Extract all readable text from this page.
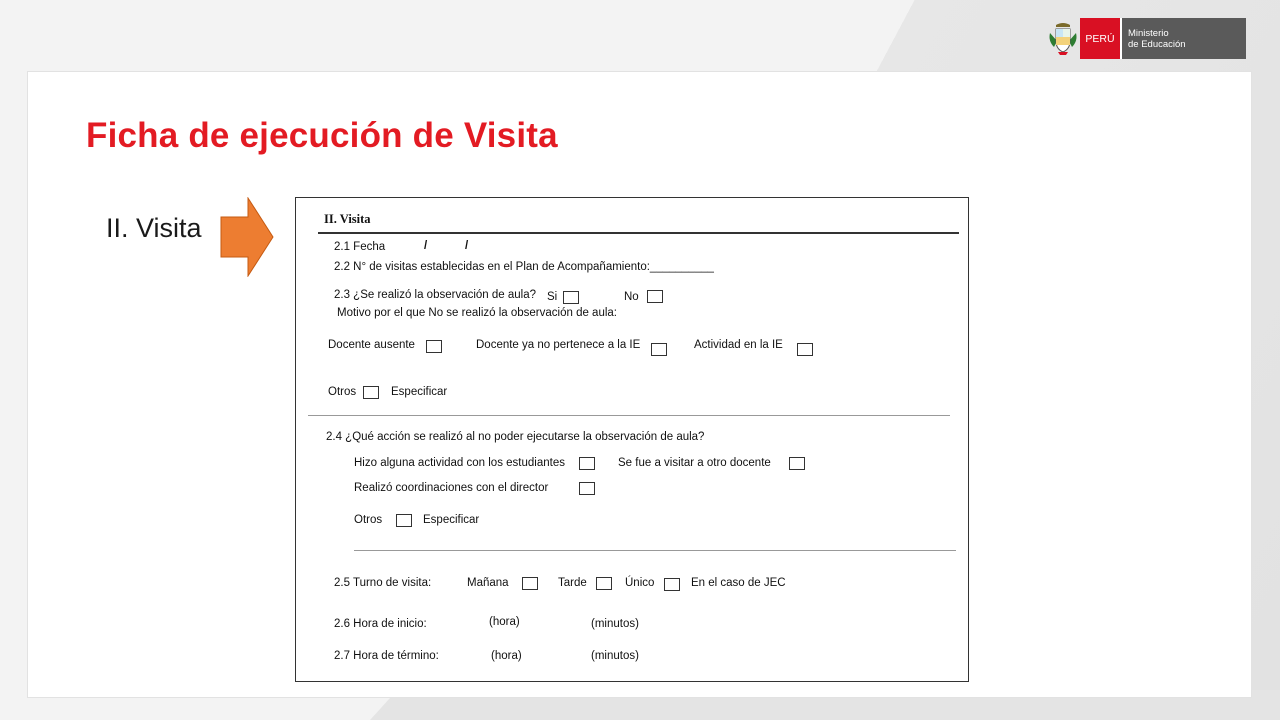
PERÚ	Ministerio
de Educación
Ficha de ejecución de Visita
II. Visita	II. Visita
2.1 Fecha	/	/
2.2 N° de visitas establecidas en el Plan de Acompañamiento:__________
2.3 ¿Se realizó la observación de aula? Si	No
Motivo por el que No se realizó la observación de aula:
Docente ausente	Docente ya no pertenece a la IE	Actividad en la IE
Otros	Especificar
2.4 ¿Qué acción se realizó al no poder ejecutarse la observación de aula?
Hizo alguna actividad con los estudiantes	Se fue a visitar a otro docente
Realizó coordinaciones con el director
Otros	Especificar
2.5 Turno de visita:	Mañana	Tarde	Único	En el caso de JEC
2.6 Hora de inicio:	(hora)	(minutos)
2.7 Hora de término:	(hora)	(minutos)
